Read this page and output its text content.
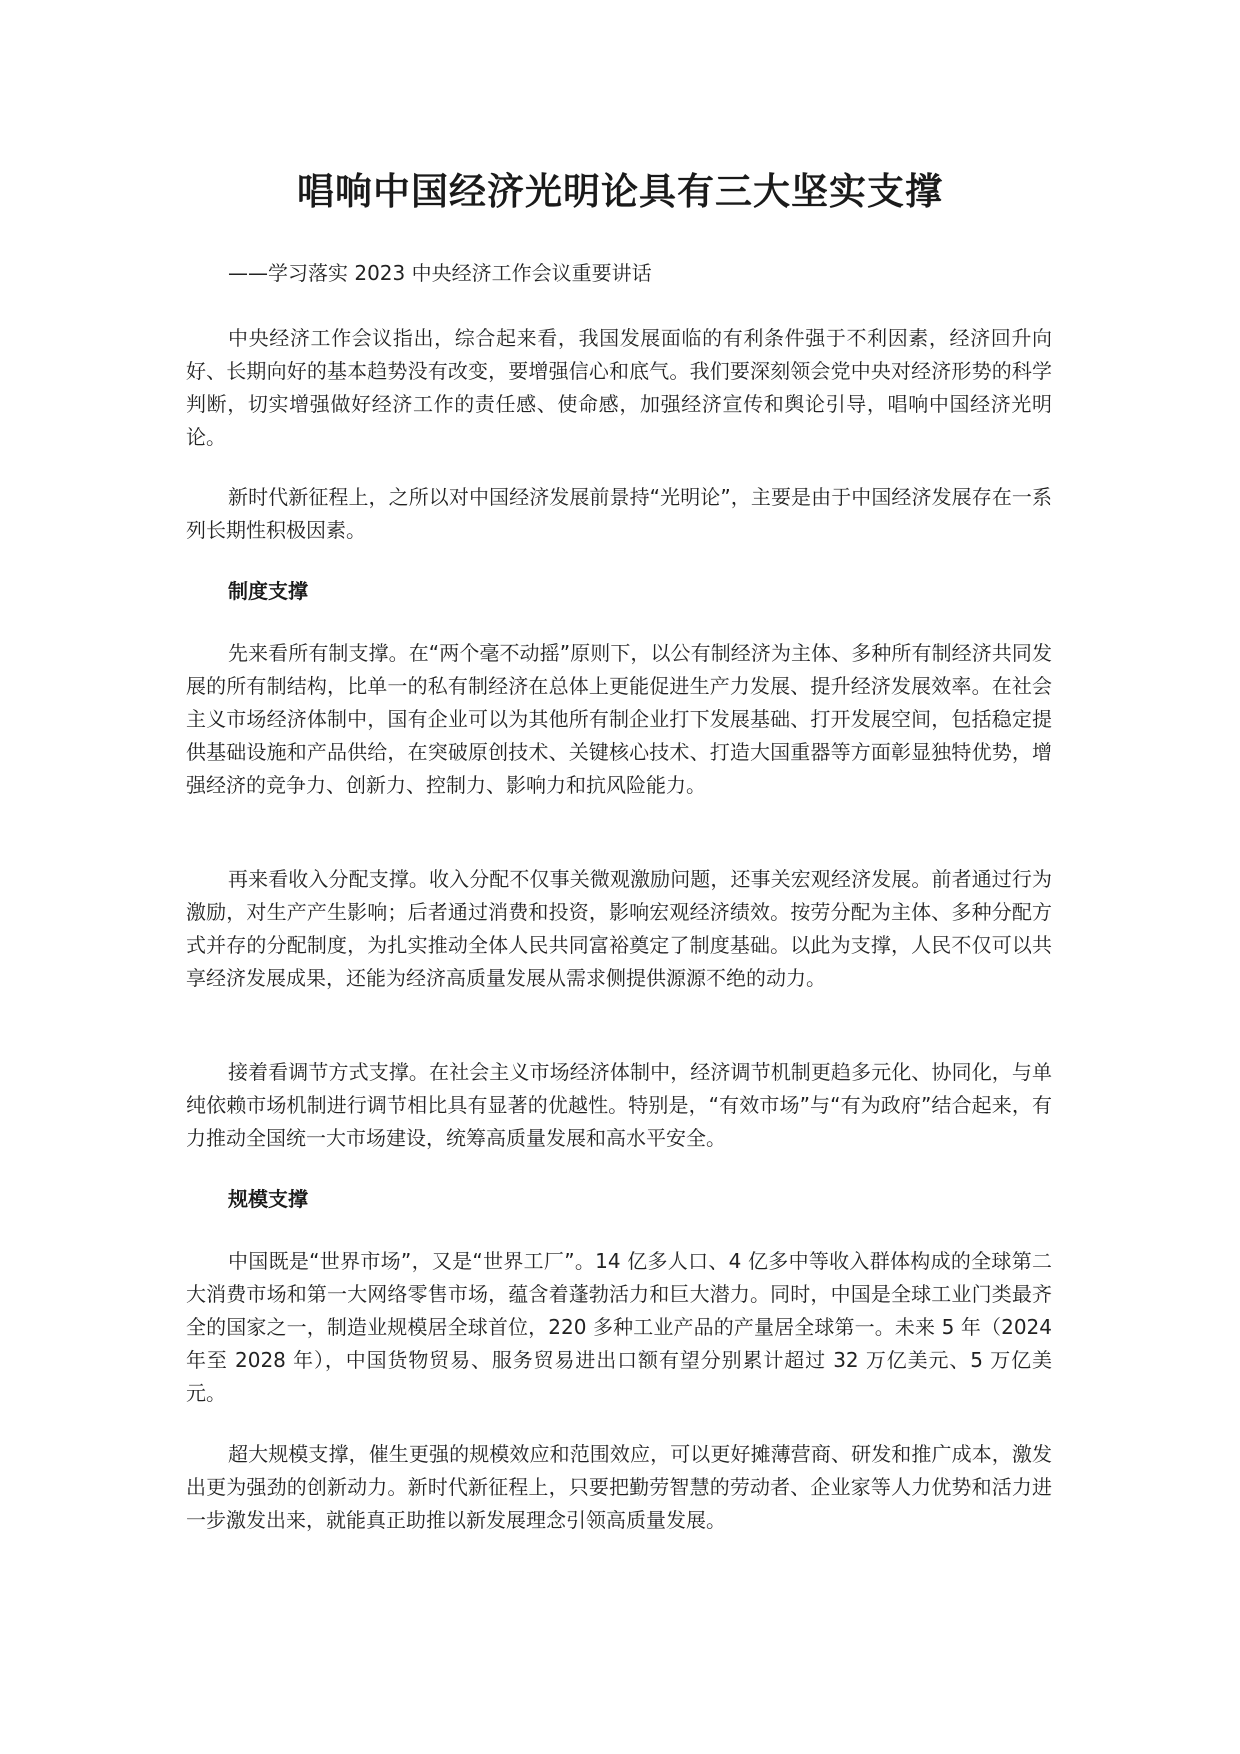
唱响中国经济光明论具有三大坚实支撑
——学习落实 2023 中央经济工作会议重要讲话
中央经济工作会议指出，综合起来看，我国发展面临的有利条件强于不利因素，经济回升向好、长期向好的基本趋势没有改变，要增强信心和底气。我们要深刻领会党中央对经济形势的科学判断，切实增强做好经济工作的责任感、使命感，加强经济宣传和舆论引导，唱响中国经济光明论。
新时代新征程上，之所以对中国经济发展前景持“光明论”，主要是由于中国经济发展存在一系列长期性积极因素。
制度支撑
先来看所有制支撑。在“两个毫不动摇”原则下，以公有制经济为主体、多种所有制经济共同发展的所有制结构，比单一的私有制经济在总体上更能促进生产力发展、提升经济发展效率。在社会主义市场经济体制中，国有企业可以为其他所有制企业打下发展基础、打开发展空间，包括稳定提供基础设施和产品供给，在突破原创技术、关键核心技术、打造大国重器等方面彰显独特优势，增强经济的竞争力、创新力、控制力、影响力和抗风险能力。
再来看收入分配支撑。收入分配不仅事关微观激励问题，还事关宏观经济发展。前者通过行为激励，对生产产生影响；后者通过消费和投资，影响宏观经济绩效。按劳分配为主体、多种分配方式并存的分配制度，为扎实推动全体人民共同富裕奠定了制度基础。以此为支撑，人民不仅可以共享经济发展成果，还能为经济高质量发展从需求侧提供源源不绝的动力。
接着看调节方式支撑。在社会主义市场经济体制中，经济调节机制更趋多元化、协同化，与单纯依赖市场机制进行调节相比具有显著的优越性。特别是，“有效市场”与“有为政府”结合起来，有力推动全国统一大市场建设，统筹高质量发展和高水平安全。
规模支撑
中国既是“世界市场”，又是“世界工厂”。14 亿多人口、4 亿多中等收入群体构成的全球第二大消费市场和第一大网络零售市场，蕴含着蓬勃活力和巨大潜力。同时，中国是全球工业门类最齐全的国家之一，制造业规模居全球首位，220 多种工业产品的产量居全球第一。未来 5 年（2024 年至 2028 年），中国货物贸易、服务贸易进出口额有望分别累计超过 32 万亿美元、5 万亿美元。
超大规模支撑，催生更强的规模效应和范围效应，可以更好摊薄营商、研发和推广成本，激发出更为强劲的创新动力。新时代新征程上，只要把勤劳智慧的劳动者、企业家等人力优势和活力进一步激发出来，就能真正助推以新发展理念引领高质量发展。
